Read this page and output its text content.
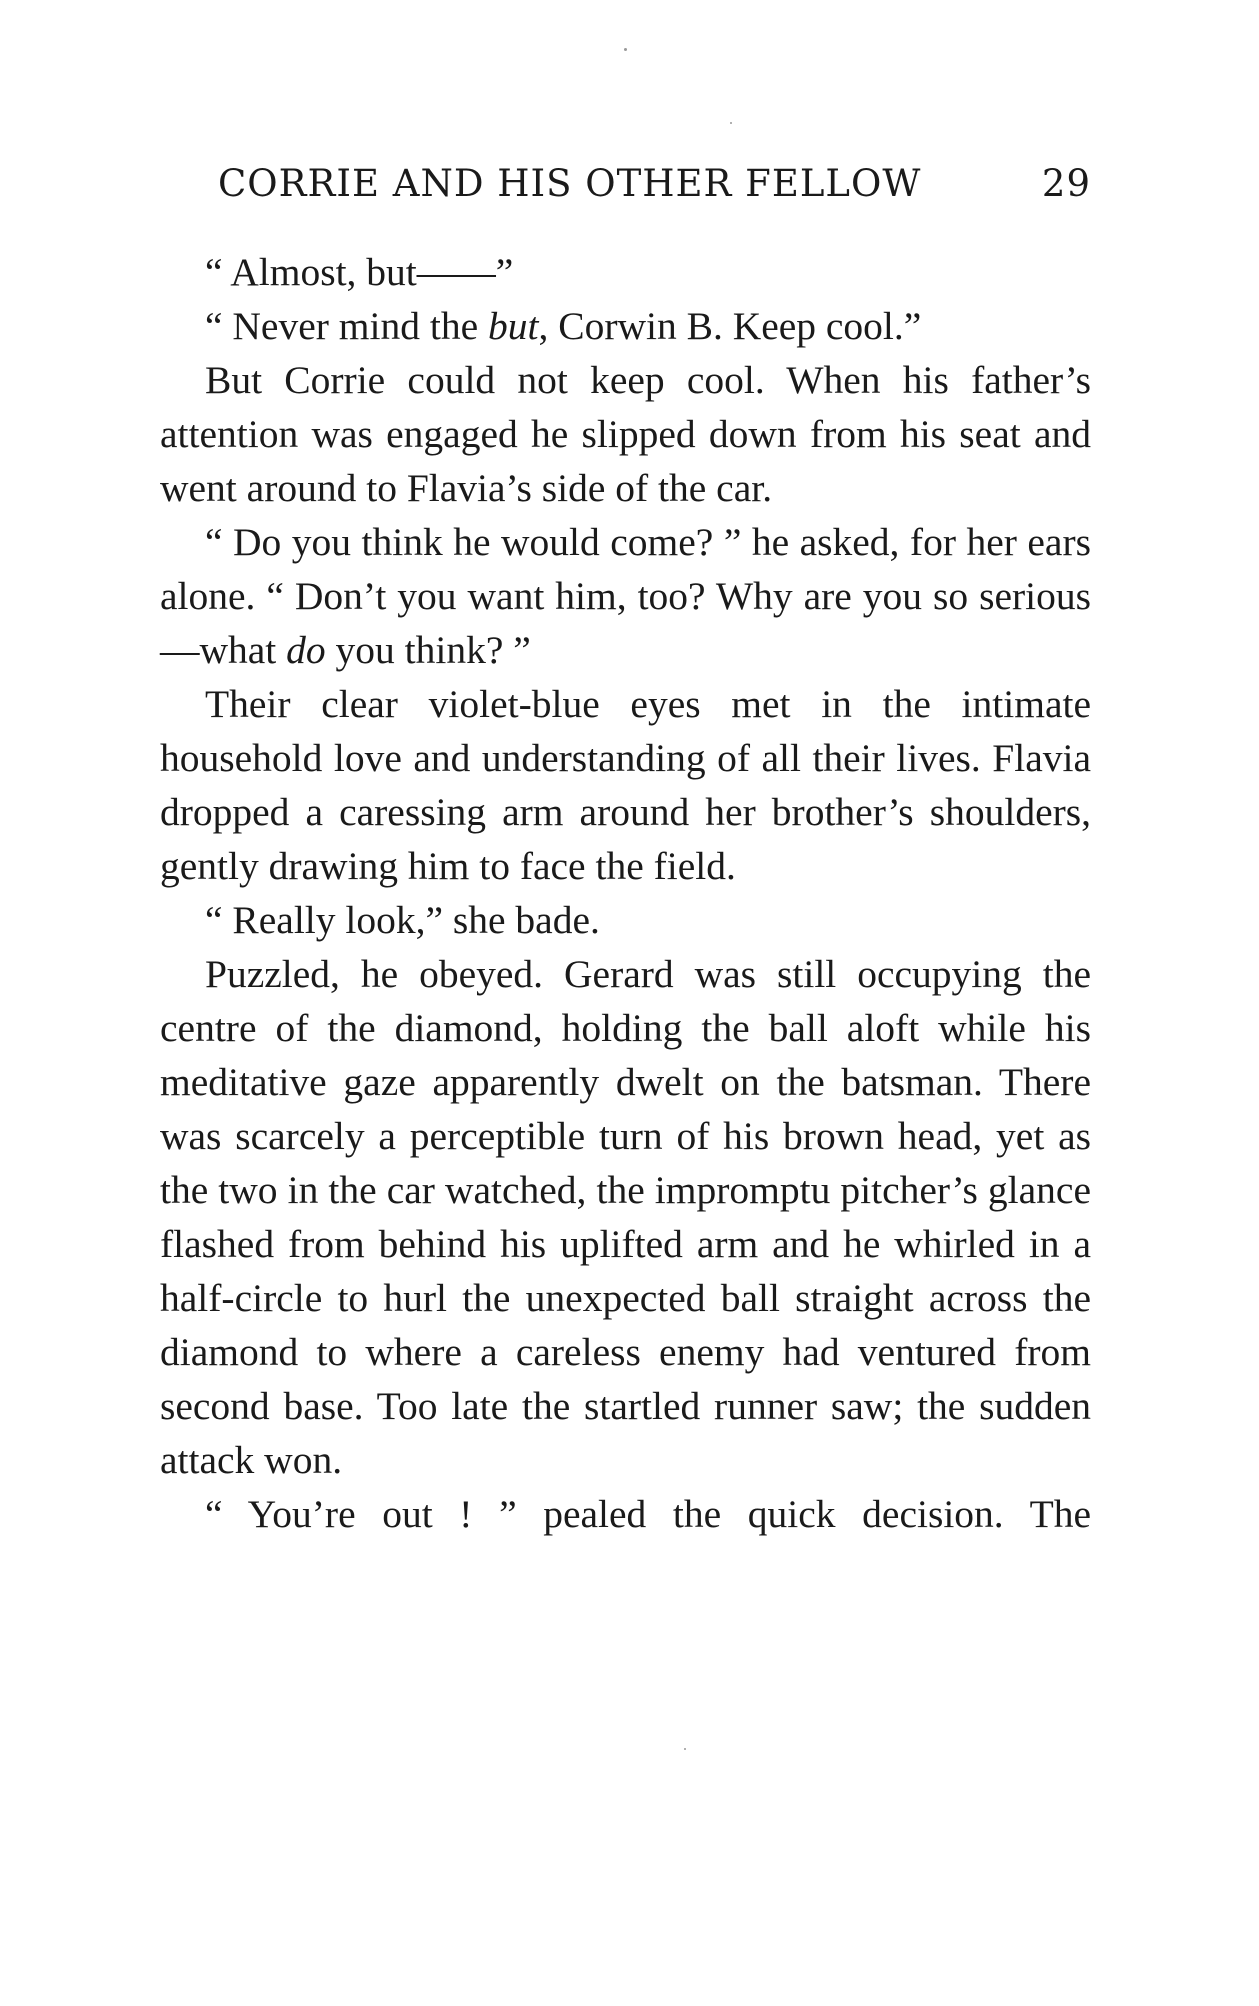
CORRIE AND HIS OTHER FELLOW	29

“ Almost, but——”

“ Never mind the but, Corwin B. Keep cool.”

But Corrie could not keep cool. When his father’s attention was engaged he slipped down from his seat and went around to Flavia’s side of the car.

“ Do you think he would come? ” he asked, for her ears alone. “ Don’t you want him, too? Why are you so serious—what do you think? ”

Their clear violet-blue eyes met in the intimate household love and understanding of all their lives. Flavia dropped a caressing arm around her brother’s shoulders, gently drawing him to face the field.

“ Really look,” she bade.

Puzzled, he obeyed. Gerard was still occupying the centre of the diamond, holding the ball aloft while his meditative gaze apparently dwelt on the batsman. There was scarcely a perceptible turn of his brown head, yet as the two in the car watched, the impromptu pitcher’s glance flashed from behind his uplifted arm and he whirled in a half-circle to hurl the unexpected ball straight across the diamond to where a careless enemy had ventured from second base. Too late the startled runner saw; the sudden attack won.

“ You’re out ! ” pealed the quick decision. The
